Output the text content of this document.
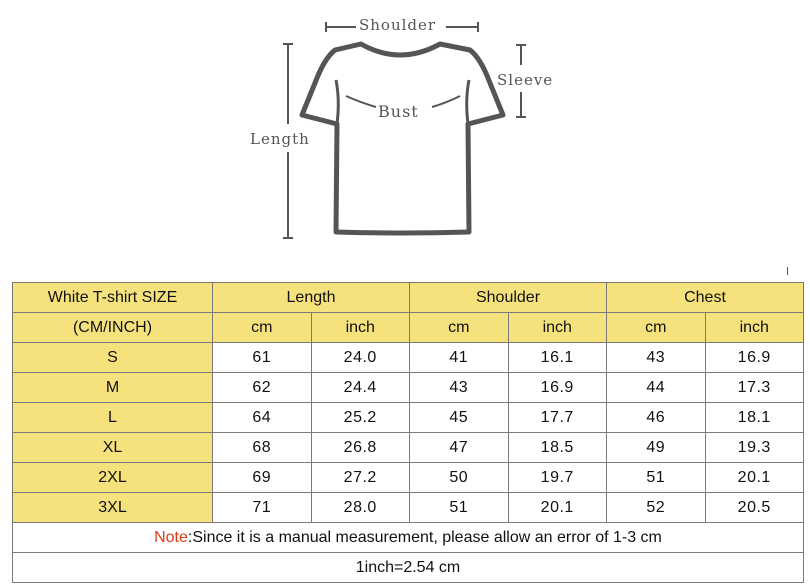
Shoulder
Sleeve
Bust
Length
White T-shirt SIZE	Length		Shoulder		Chest	
(CM/INCH)	cm	inch	cm	inch	cm	inch
S	61	24.0	41	16.1	43	16.9
M	62	24.4	43	16.9	44	17.3
L	64	25.2	45	17.7	46	18.1
XL	68	26.8	47	18.5	49	19.3
2XL	69	27.2	50	19.7	51	20.1
3XL	71	28.0	51	20.1	52	20.5
Note:Since it is a manual measurement, please allow an error of 1-3 cm						
1inch=2.54 cm						
